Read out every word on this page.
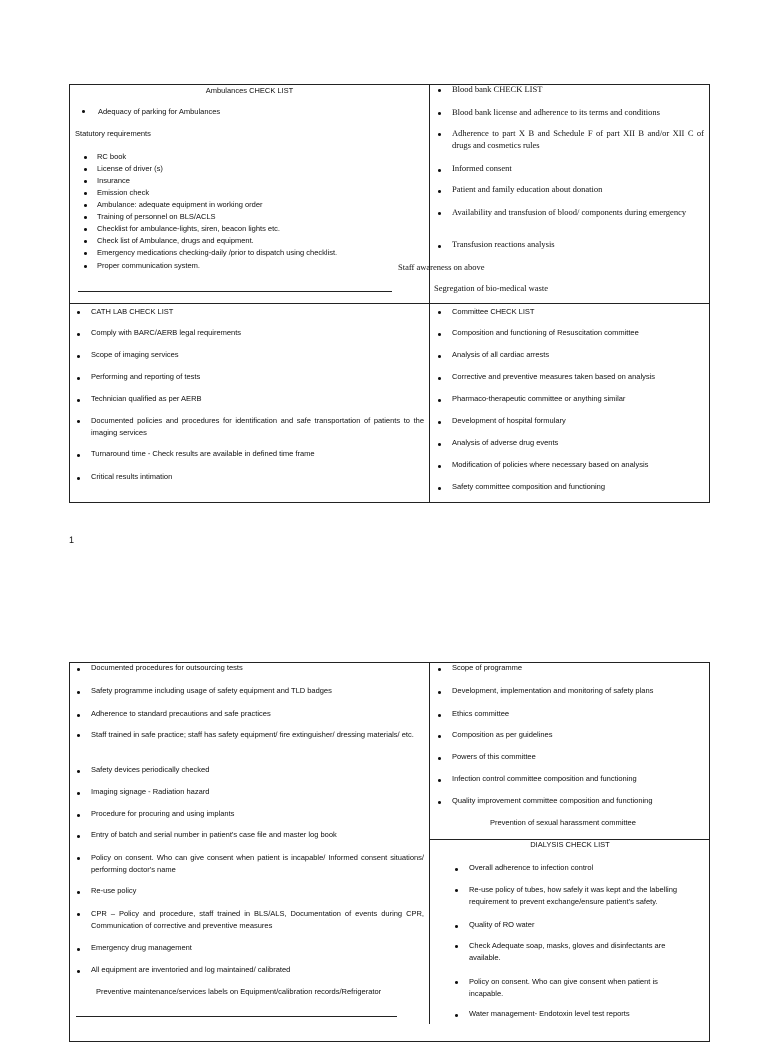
Ambulances CHECK LIST
Adequacy of parking for Ambulances
Statutory requirements
RC book
License of driver (s)
Insurance
Emission check
Ambulance: adequate equipment in working order
Training of personnel on BLS/ACLS
Checklist for ambulance-lights, siren, beacon lights etc.
Check list of Ambulance, drugs and equipment.
Emergency medications checking-daily /prior to dispatch using checklist.
Proper communication system.
Blood bank CHECK LIST
Blood bank license and adherence to its terms and conditions
Adherence to part X B and Schedule F of part XII B and/or XII C of drugs and cosmetics rules
Informed consent
Patient and family education about donation
Availability and transfusion of blood/ components during emergency
Transfusion reactions analysis
Staff awareness on above
Segregation of bio-medical waste
CATH LAB CHECK LIST
Comply with BARC/AERB legal requirements
Scope of imaging services
Performing and reporting of tests
Technician qualified as per AERB
Documented policies and procedures for identification and safe transportation of patients to the imaging services
Turnaround time - Check results are available in defined time frame
Critical results intimation
Committee CHECK LIST
Composition and functioning of Resuscitation committee
Analysis of all cardiac arrests
Corrective and preventive measures taken based on analysis
Pharmaco-therapeutic committee or anything similar
Development of hospital formulary
Analysis of adverse drug events
Modification of policies where necessary based on analysis
Safety committee composition and functioning
1
Documented procedures for outsourcing tests
Safety programme including usage of safety equipment and TLD badges
Adherence to standard precautions and safe practices
Staff trained in safe practice; staff has safety equipment/ fire extinguisher/ dressing materials/ etc.
Safety devices periodically checked
Imaging signage - Radiation hazard
Procedure for procuring and using implants
Entry of batch and serial number in patient's case file and master log book
Policy on consent. Who can give consent when patient is incapable/ Informed consent situations/ performing doctor's name
Re-use policy
CPR – Policy and procedure, staff trained in BLS/ALS, Documentation of events during CPR, Communication of corrective and preventive measures
Emergency drug management
All equipment are inventoried and log maintained/ calibrated
Preventive maintenance/services labels on Equipment/calibration records/Refrigerator
Scope of programme
Development, implementation and monitoring of safety plans
Ethics committee
Composition as per guidelines
Powers of this committee
Infection control committee composition and functioning
Quality improvement committee composition and functioning
Prevention of sexual harassment committee
DIALYSIS CHECK LIST
Overall adherence to infection control
Re-use policy of tubes, how safely it was kept and the labelling requirement to prevent exchange/ensure patient's safety.
Quality of RO water
Check Adequate soap, masks, gloves and disinfectants are available.
Policy on consent. Who can give consent when patient is incapable.
Water management- Endotoxin level test reports
